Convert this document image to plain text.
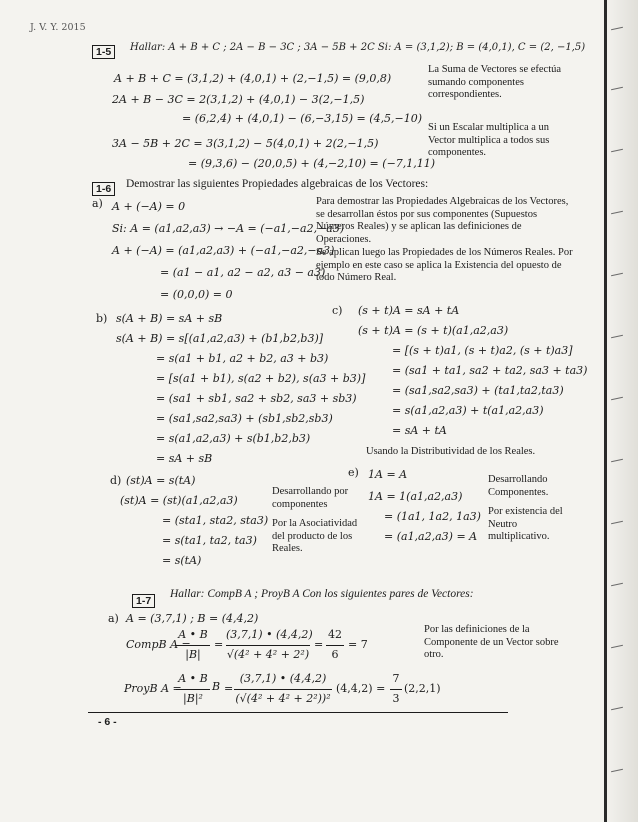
J. V. Y. 2015
1-5	Hallar: A + B + C ; 2A − B − 3C ; 3A − 5B + 2C Si: A = (3,1,2); B = (4,0,1), C = (2, −1,5)
A + B + C = (3,1,2) + (4,0,1) + (2,−1,5) = (9,0,8)
2A + B − 3C = 2(3,1,2) + (4,0,1) − 3(2,−1,5)
= (6,2,4) + (4,0,1) − (6,−3,15) = (4,5,−10)
3A − 5B + 2C = 3(3,1,2) − 5(4,0,1) + 2(2,−1,5)
= (9,3,6) − (20,0,5) + (4,−2,10) = (−7,1,11)
La Suma de Vectores se efectúa sumando componentes correspondientes.
Si un Escalar multiplica a un Vector multiplica a todos sus componentes.
1-6	Demostrar las siguientes Propiedades algebraicas de los Vectores:
a) A + (−A) = 0
Si: A = (a1,a2,a3) → −A = (−a1,−a2,−a3)
A + (−A) = (a1,a2,a3) + (−a1,−a2,−a3)
= (a1 − a1, a2 − a2, a3 − a3)
= (0,0,0) = 0
Para demostrar las Propiedades Algebraicas de los Vectores, se desarrollan éstos por sus componentes (Supuestos Números Reales) y se aplican las definiciones de Operaciones.
Se aplican luego las Propiedades de los Números Reales. Por ejemplo en este caso se aplica la Existencia del opuesto de todo Número Real.
b) s(A + B) = sA + sB
s(A + B) = s[(a1,a2,a3) + (b1,b2,b3)]
= s(a1 + b1, a2 + b2, a3 + b3)
= [s(a1 + b1), s(a2 + b2), s(a3 + b3)]
= (sa1 + sb1, sa2 + sb2, sa3 + sb3)
= (sa1,sa2,sa3) + (sb1,sb2,sb3)
= s(a1,a2,a3) + s(b1,b2,b3)
= sA + sB
c) (s + t)A = sA + tA
(s + t)A = (s + t)(a1,a2,a3)
= [(s + t)a1, (s + t)a2, (s + t)a3]
= (sa1 + ta1, sa2 + ta2, sa3 + ta3)
= (sa1,sa2,sa3) + (ta1,ta2,ta3)
= s(a1,a2,a3) + t(a1,a2,a3)
= sA + tA
Usando la Distributividad de los Reales.
d) (st)A = s(tA)
(st)A = (st)(a1,a2,a3)
= (sta1, sta2, sta3)
= s(ta1, ta2, ta3)
= s(tA)
Desarrollando por componentes
Por la Asociatividad del producto de los Reales.
e) 1A = A
1A = 1(a1,a2,a3)
= (1a1, 1a2, 1a3)
= (a1,a2,a3) = A
Desarrollando Componentes.
Por existencia del Neutro multiplicativo.
1-7
Hallar: CompB A ; ProyB A Con los siguientes pares de Vectores:
a) A = (3,7,1) ; B = (4,4,2)
CompB A =
A • B
|B|
=
(3,7,1) • (4,4,2)
√(4² + 4² + 2²)
=
42
6
= 7
Por las definiciones de la Componente de un Vector sobre otro.
ProyB A =
A • B
|B|²
B =
(3,7,1) • (4,4,2)
(√(4² + 4² + 2²))²
(4,4,2) =
7
3
(2,2,1)
- 6 -
